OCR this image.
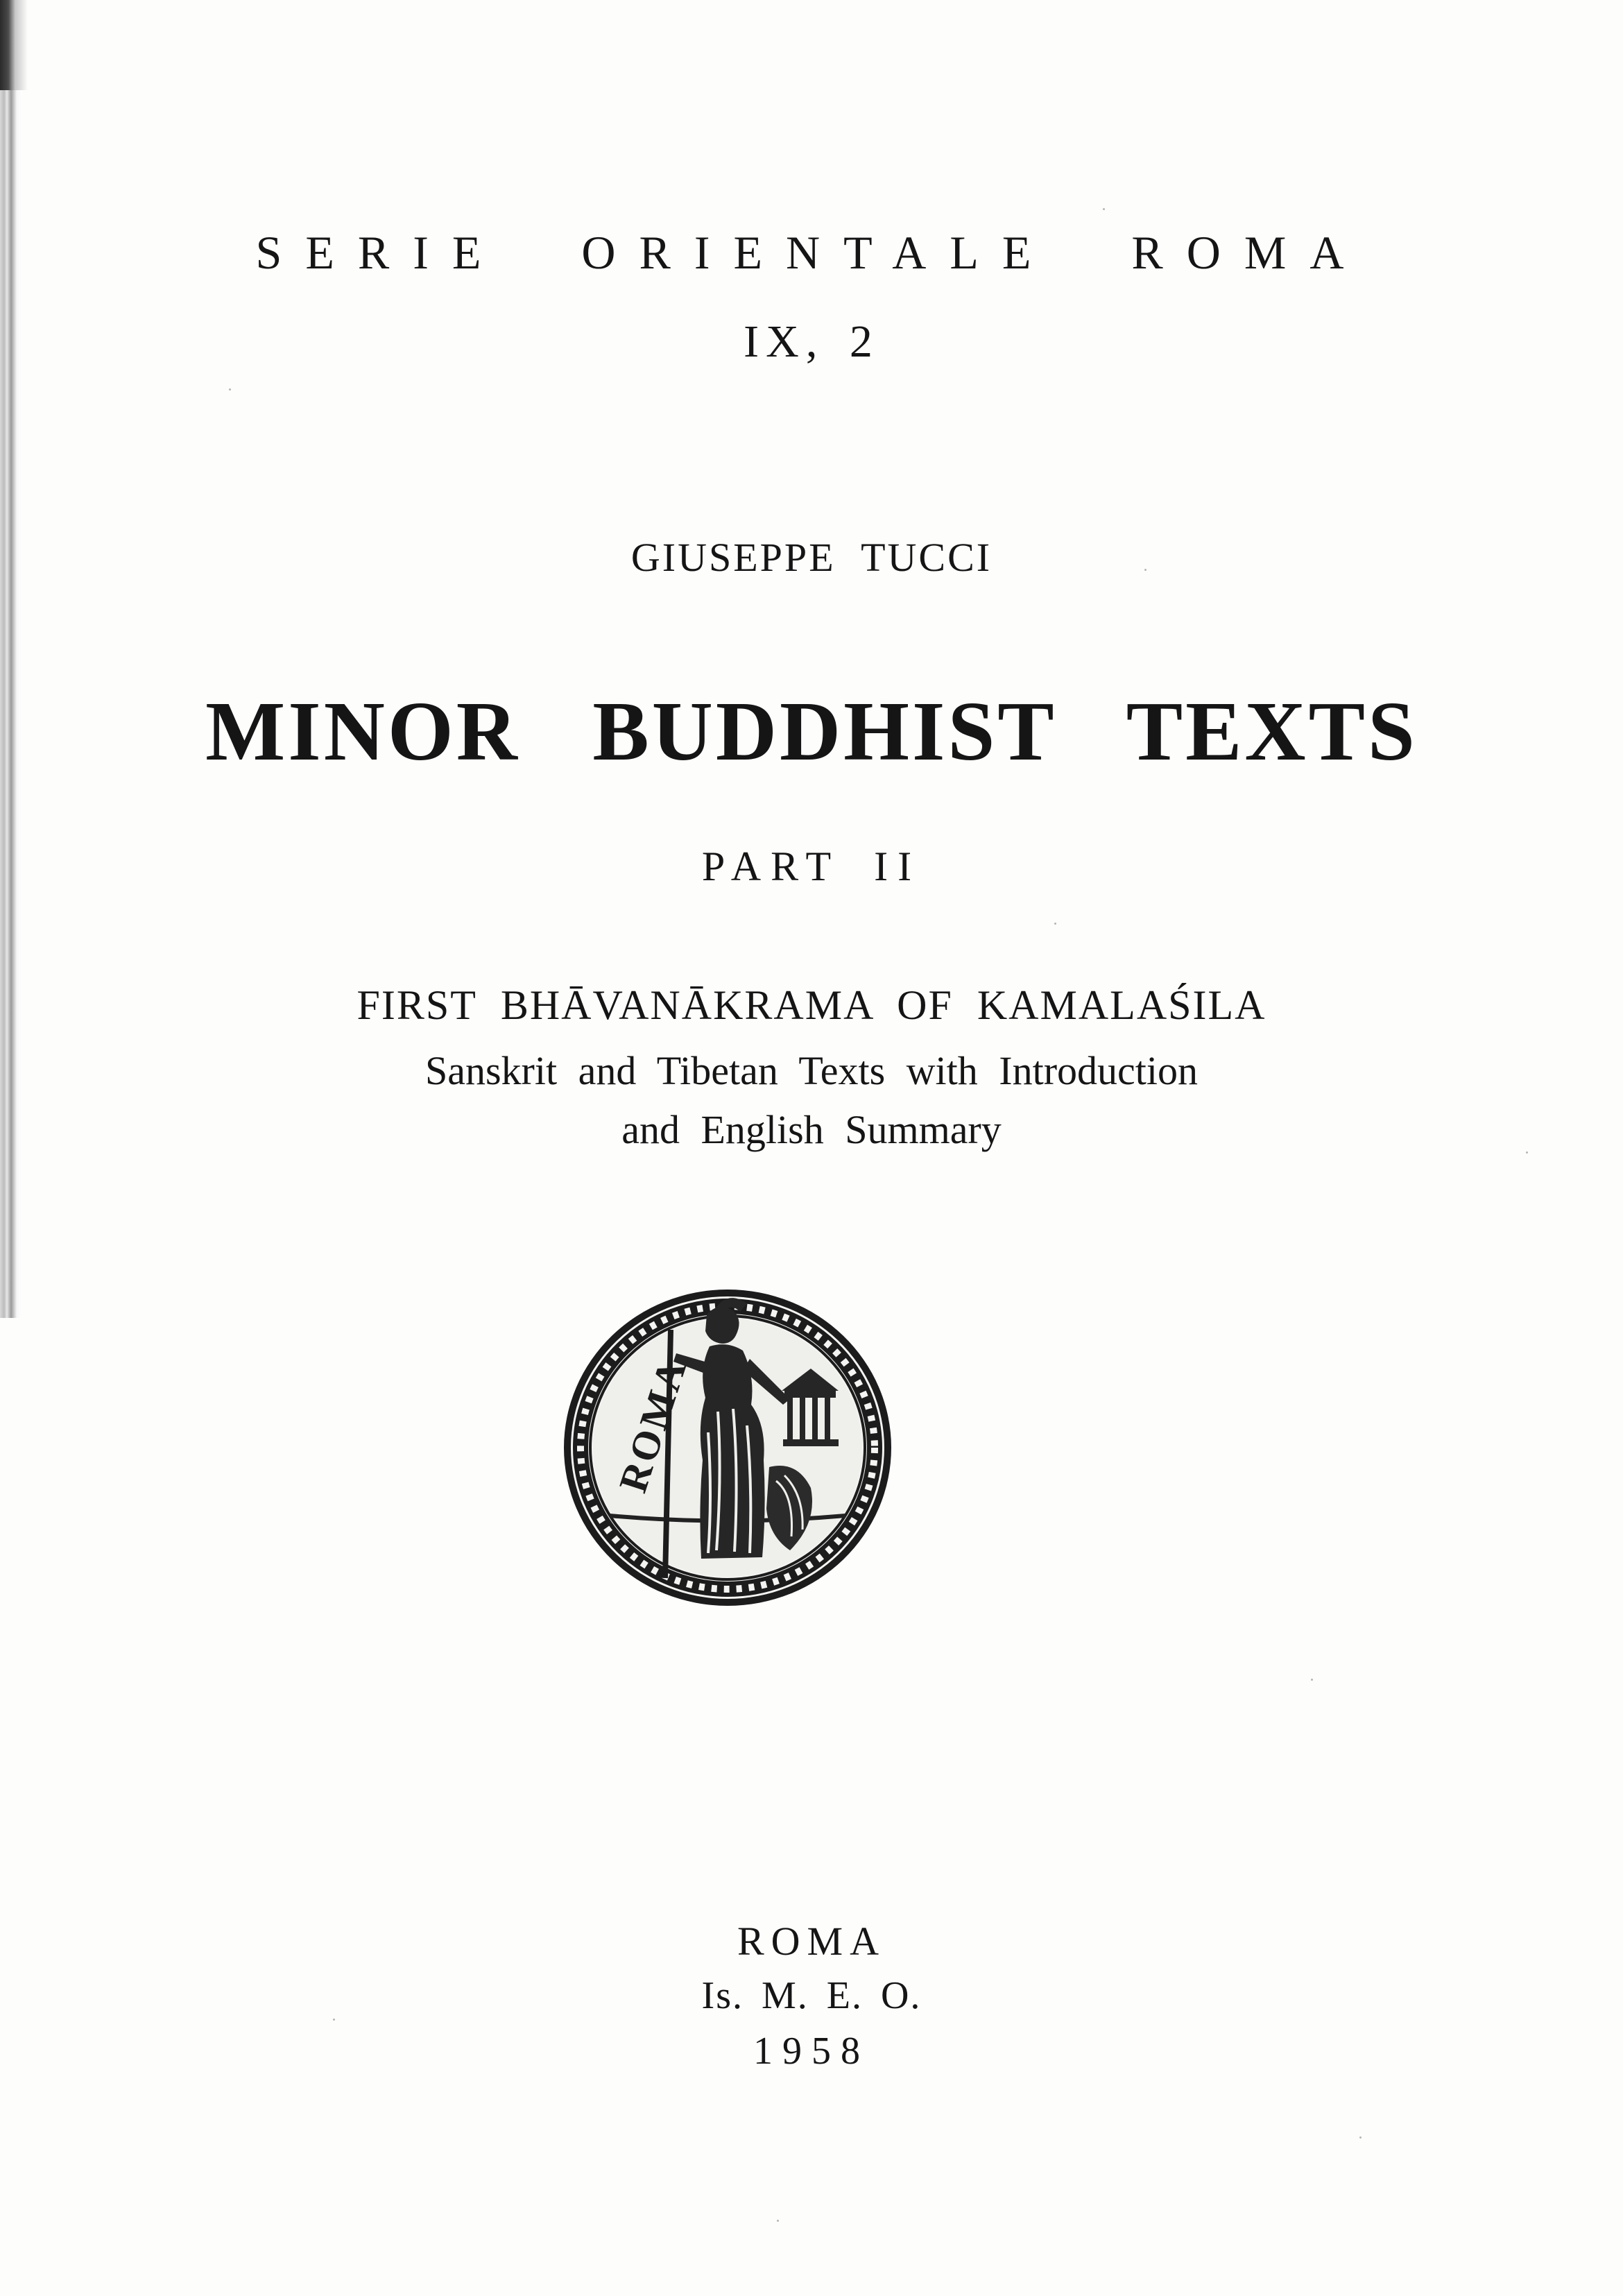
SERIE ORIENTALE ROMA
IX, 2
GIUSEPPE TUCCI
MINOR BUDDHIST TEXTS
PART II
FIRST BHĀVANĀKRAMA OF KAMALAŚILA
Sanskrit and Tibetan Texts with Introduction
and English Summary
ROMA
ROMA
Is. M. E. O.
1958
